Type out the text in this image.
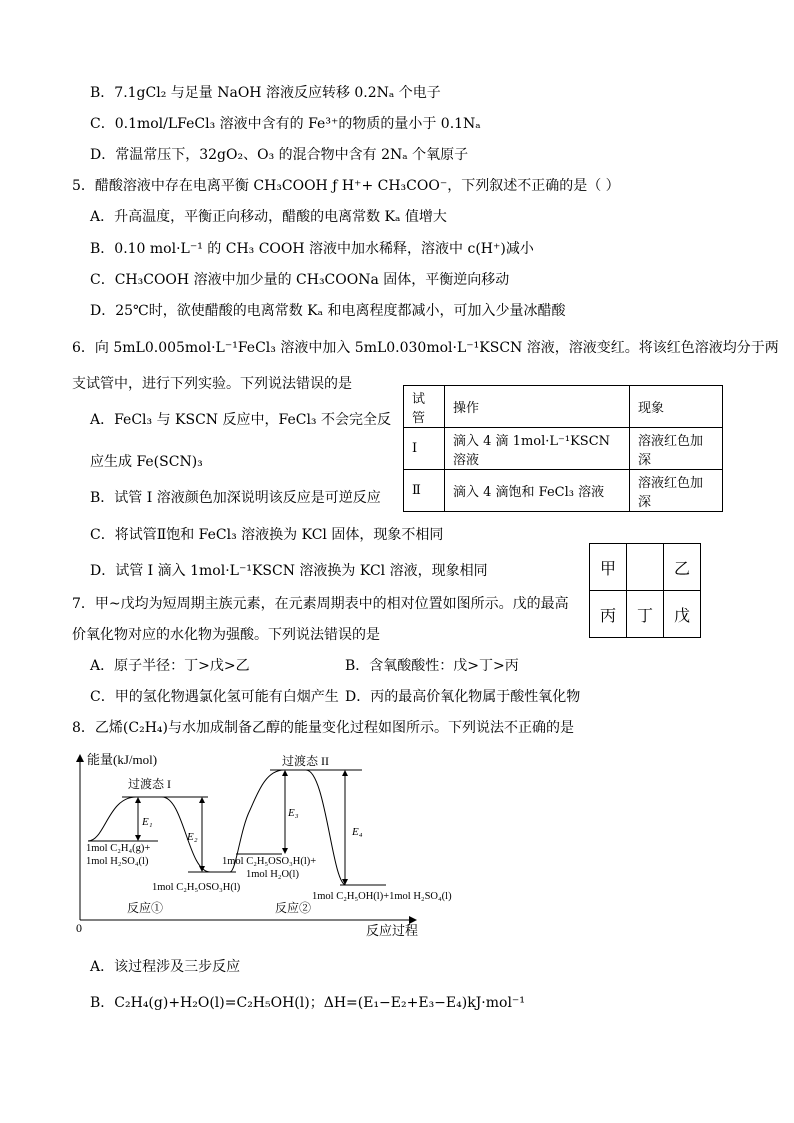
B．7.1gCl₂ 与足量 NaOH 溶液反应转移 0.2Nₐ 个电子
C．0.1mol/LFeCl₃ 溶液中含有的 Fe³⁺的物质的量小于 0.1Nₐ
D．常温常压下，32gO₂、O₃ 的混合物中含有 2Nₐ 个氧原子
5．醋酸溶液中存在电离平衡 CH₃COOH ƒ H⁺+ CH₃COO⁻，下列叙述不正确的是（ ）
A．升高温度，平衡正向移动，醋酸的电离常数 Kₐ 值增大
B．0.10 mol·L⁻¹ 的 CH₃ COOH 溶液中加水稀释，溶液中 c(H⁺)减小
C．CH₃COOH 溶液中加少量的 CH₃COONa 固体，平衡逆向移动
D．25℃时，欲使醋酸的电离常数 Kₐ 和电离程度都减小，可加入少量冰醋酸
6．向 5mL0.005mol·L⁻¹FeCl₃ 溶液中加入 5mL0.030mol·L⁻¹KSCN 溶液，溶液变红。将该红色溶液均分于两
支试管中，进行下列实验。下列说法错误的是
A．FeCl₃ 与 KSCN 反应中，FeCl₃ 不会完全反
应生成 Fe(SCN)₃
B．试管 I 溶液颜色加深说明该反应是可逆反应
C．将试管Ⅱ饱和 FeCl₃ 溶液换为 KCl 固体，现象不相同
D．试管 I 滴入 1mol·L⁻¹KSCN 溶液换为 KCl 溶液，现象相同
试管	操作	现象
I	滴入 4 滴 1mol·L⁻¹KSCN 溶液	溶液红色加深
Ⅱ	滴入 4 滴饱和 FeCl₃ 溶液	溶液红色加深
7．甲~戊均为短周期主族元素，在元素周期表中的相对位置如图所示。戊的最高
价氧化物对应的水化物为强酸。下列说法错误的是
A．原子半径：丁>戊>乙	B．含氧酸酸性：戊>丁>丙
C．甲的氢化物遇氯化氢可能有白烟产生 D．丙的最高价氧化物属于酸性氧化物
甲		乙
丙	丁	戊
8．乙烯(C₂H₄)与水加成制备乙醇的能量变化过程如图所示。下列说法不正确的是
能量(kJ/mol)
0	反应过程
过渡态 I
过渡态 II
E₁
E₂
E₃
E₄
1mol C₂H₄(g)+
1mol H₂SO₄(l)
1mol C₂H₅OSO₃H(l)
1mol C₂H₅OSO₃H(l)+
1mol H₂O(l)
1mol C₂H₅OH(l)+1mol H₂SO₄(l)
反应①	反应②
A．该过程涉及三步反应
B．C₂H₄(g)+H₂O(l)=C₂H₅OH(l)；ΔH=(E₁−E₂+E₃−E₄)kJ·mol⁻¹
